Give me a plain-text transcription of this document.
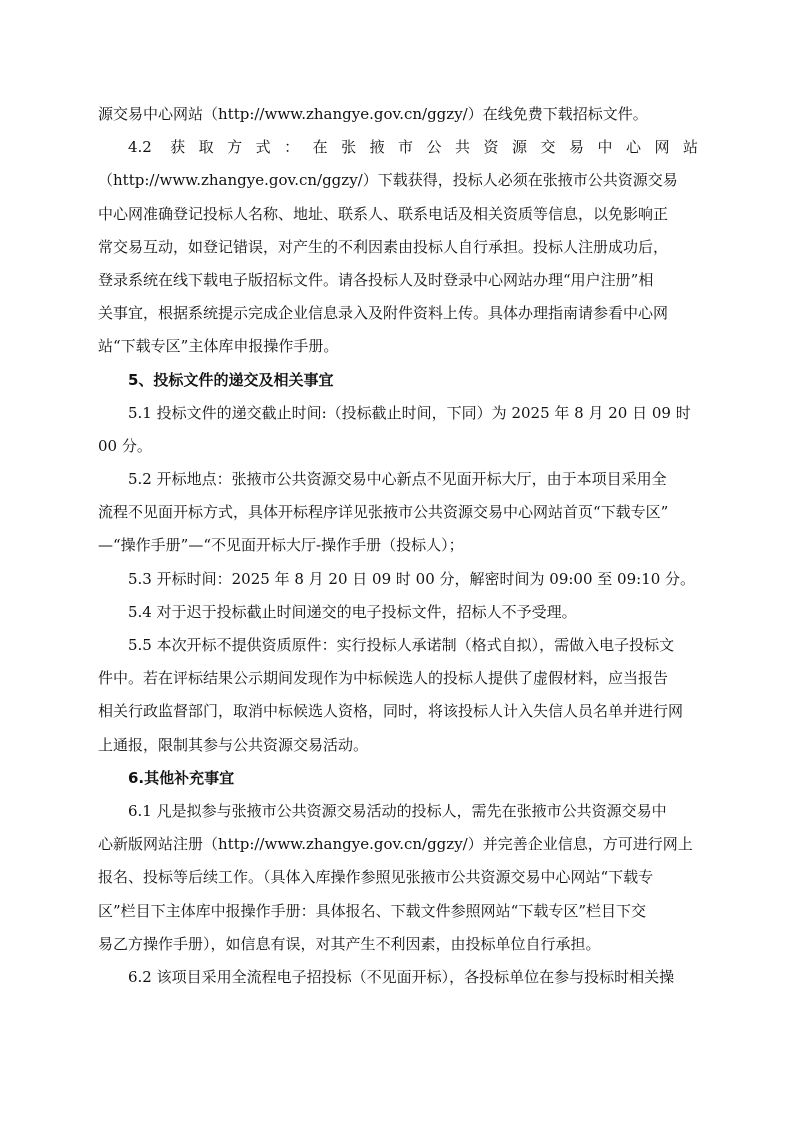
源交易中心网站（http://www.zhangye.gov.cn/ggzy/）在线免费下载招标文件。
4.2 获取方式：在张掖市公共资源交易中心网站
（http://www.zhangye.gov.cn/ggzy/）下载获得，投标人必须在张掖市公共资源交易
中心网准确登记投标人名称、地址、联系人、联系电话及相关资质等信息，以免影响正
常交易互动，如登记错误，对产生的不利因素由投标人自行承担。投标人注册成功后，
登录系统在线下载电子版招标文件。请各投标人及时登录中心网站办理“用户注册”相
关事宜，根据系统提示完成企业信息录入及附件资料上传。具体办理指南请参看中心网
站“下载专区”主体库申报操作手册。
5、投标文件的递交及相关事宜
5.1 投标文件的递交截止时间:（投标截止时间，下同）为 2025 年 8 月 20 日 09 时
00 分。
5.2 开标地点：张掖市公共资源交易中心新点不见面开标大厅，由于本项目采用全
流程不见面开标方式，具体开标程序详见张掖市公共资源交易中心网站首页“下载专区”
—“操作手册”—“不见面开标大厅-操作手册（投标人）；
5.3 开标时间：2025 年 8 月 20 日 09 时 00 分，解密时间为 09:00 至 09:10 分。
5.4 对于迟于投标截止时间递交的电子投标文件，招标人不予受理。
5.5 本次开标不提供资质原件：实行投标人承诺制（格式自拟），需做入电子投标文
件中。若在评标结果公示期间发现作为中标候选人的投标人提供了虚假材料，应当报告
相关行政监督部门，取消中标候选人资格，同时，将该投标人计入失信人员名单并进行网
上通报，限制其参与公共资源交易活动。
6.其他补充事宜
6.1 凡是拟参与张掖市公共资源交易活动的投标人，需先在张掖市公共资源交易中
心新版网站注册（http://www.zhangye.gov.cn/ggzy/）并完善企业信息，方可进行网上
报名、投标等后续工作。（具体入库操作参照见张掖市公共资源交易中心网站“下载专
区”栏目下主体库中报操作手册：具体报名、下载文件参照网站“下载专区”栏目下交
易乙方操作手册），如信息有误，对其产生不利因素，由投标单位自行承担。
6.2 该项目采用全流程电子招投标（不见面开标），各投标单位在参与投标时相关操
